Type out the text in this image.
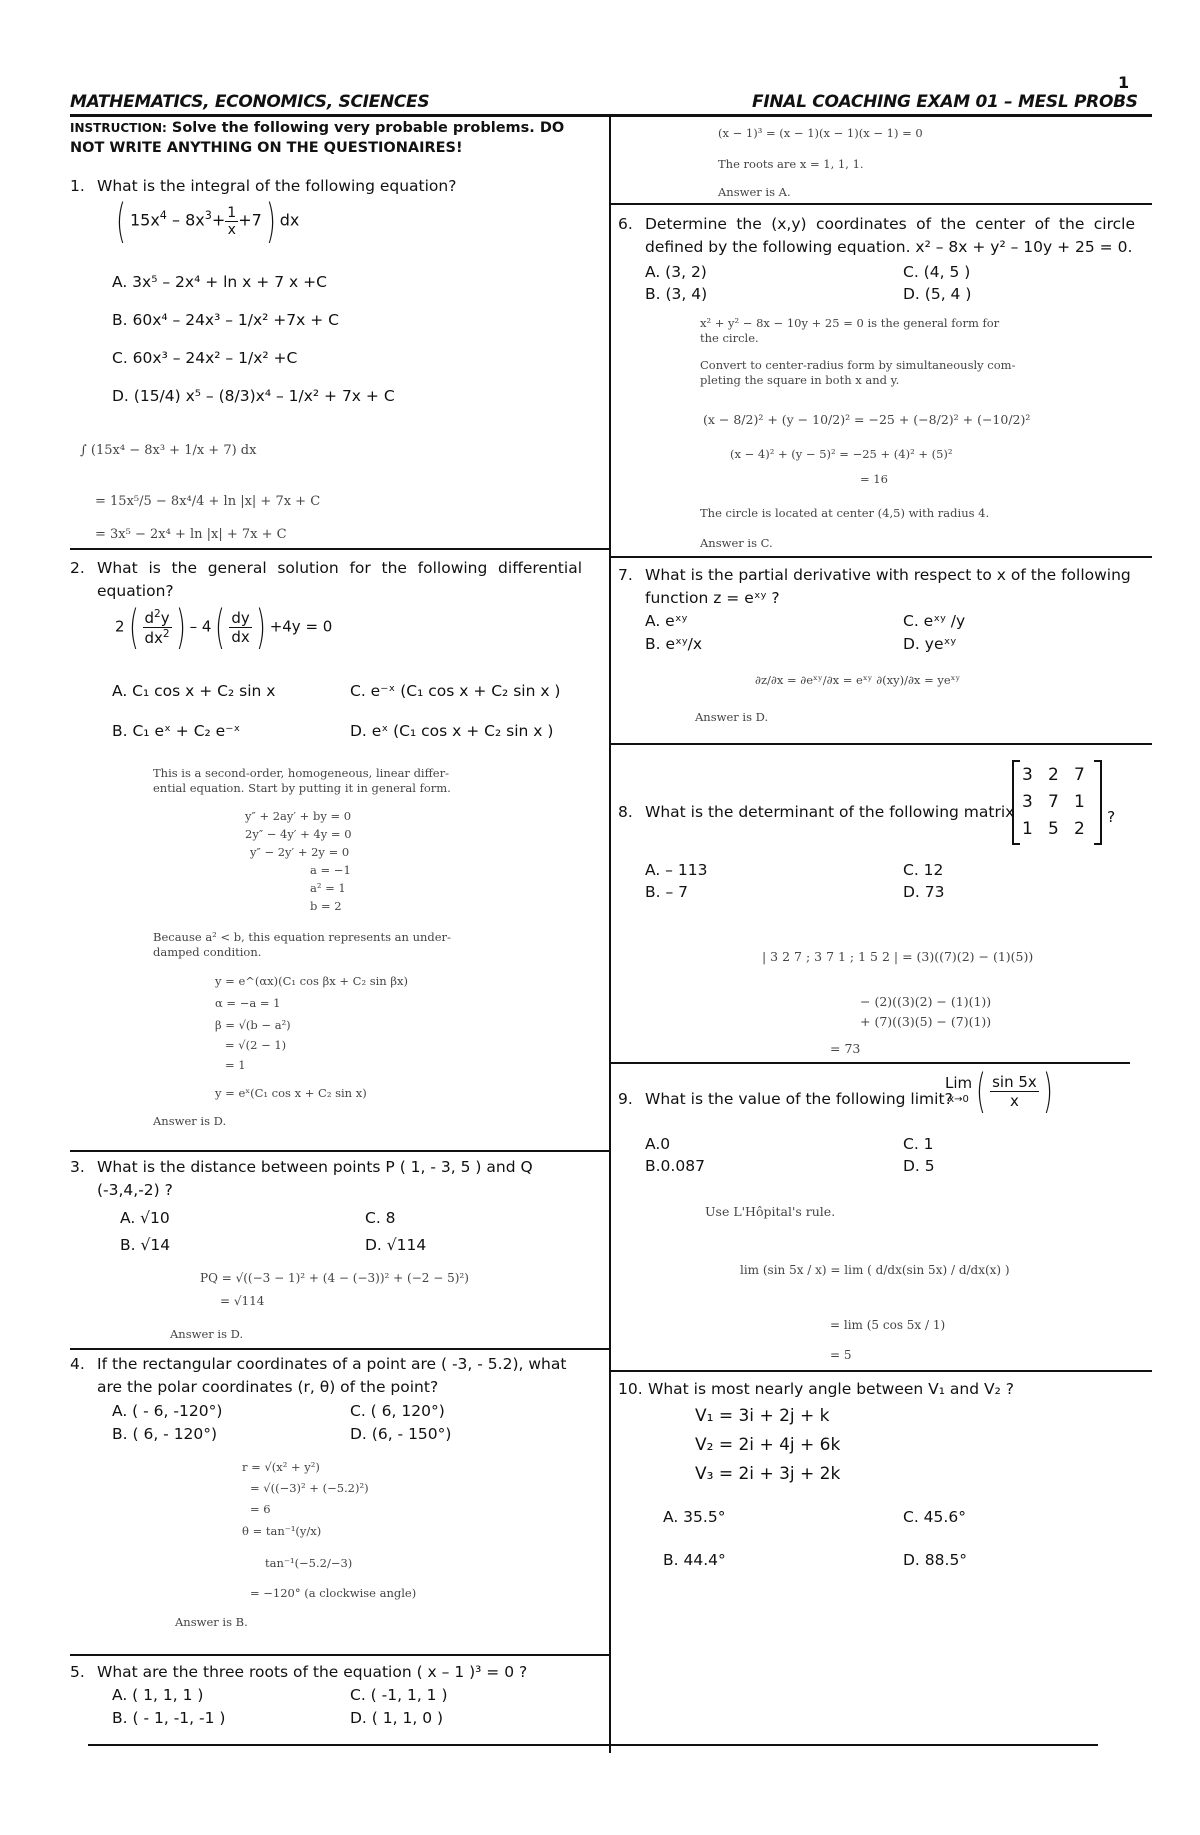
1
MATHEMATICS, ECONOMICS, SCIENCES	FINAL COACHING EXAM 01 – MESL PROBS
INSTRUCTION: Solve the following very probable problems. DO NOT WRITE ANYTHING ON THE QUESTIONAIRES!
1. What is the integral of the following equation?
( $15x^4 - 8x^3+ \frac{1}{x} +7$) dx
A. 3x⁵ – 2x⁴ + ln x + 7 x +C
B. 60x⁴ – 24x³ – 1/x² +7x + C
C. 60x³ – 24x² – 1/x² +C
D. (15/4) x⁵ – (8/3)x⁴ – 1/x² + 7x + C
∫ (15x⁴ − 8x³ + 1/x + 7) dx
= 15x⁵/5 − 8x⁴/4 + ln |x| + 7x + C
= 3x⁵ − 2x⁴ + ln |x| + 7x + C
2. What is the general solution for the following differential equation?
$2( \frac{d^2y}{dx^2}$ ) – $4( \frac{dy}{dx}$ ) +4y = 0
A. C₁ cos x + C₂ sin x	C. e⁻ˣ (C₁ cos x + C₂ sin x )
B. C₁ eˣ + C₂ e⁻ˣ	D. eˣ (C₁ cos x + C₂ sin x )
This is a second-order, homogeneous, linear differ-
ential equation. Start by putting it in general form.
y″ + 2ay′ + by = 0
2y″ − 4y′ + 4y = 0
y″ − 2y′ + 2y = 0
a = −1
a² = 1
b = 2
Because a² < b, this equation represents an under-
damped condition.
y = e^(αx)(C₁ cos βx + C₂ sin βx)
α = −a = 1
β = √(b − a²)
= √(2 − 1)
= 1
y = eˣ(C₁ cos x + C₂ sin x)
Answer is D.
3. What is the distance between points P ( 1, - 3, 5 ) and Q (-3,4,-2) ?
A. √10	C. 8
B. √14	D. √114
PQ = √((−3 − 1)² + (4 − (−3))² + (−2 − 5)²)
= √114
Answer is D.
4. If the rectangular coordinates of a point are ( -3, - 5.2), what are the polar coordinates (r, θ) of the point?
A. ( - 6, -120°)	C. ( 6, 120°)
B. ( 6, - 120°)	D. (6, - 150°)
r = √(x² + y²)
= √((−3)² + (−5.2)²)
= 6
θ = tan⁻¹(y/x)
tan⁻¹(−5.2/−3)
= −120° (a clockwise angle)
Answer is B.
5. What are the three roots of the equation ( x – 1 )³ = 0 ?
A. ( 1, 1, 1 )	C. ( -1, 1, 1 )
B. ( - 1, -1, -1 )	D. ( 1, 1, 0 )
(x − 1)³ = (x − 1)(x − 1)(x − 1) = 0
The roots are x = 1, 1, 1.
Answer is A.
6. Determine the (x,y) coordinates of the center of the circle defined by the following equation. x² – 8x + y² – 10y + 25 = 0.
A. (3, 2)	C. (4, 5 )
B. (3, 4)	D. (5, 4 )
x² + y² − 8x − 10y + 25 = 0 is the general form for
the circle.
Convert to center-radius form by simultaneously com-
pleting the square in both x and y.
(x − 8/2)² + (y − 10/2)² = −25 + (−8/2)² + (−10/2)²
(x − 4)² + (y − 5)² = −25 + (4)² + (5)²
= 16
The circle is located at center (4,5) with radius 4.
Answer is C.
7. What is the partial derivative with respect to x of the following function z = eˣʸ ?
A. eˣʸ	C. eˣʸ /y
B. eˣʸ/x	D. yeˣʸ
∂z/∂x = ∂eˣʸ/∂x = eˣʸ ∂(xy)/∂x = yeˣʸ
Answer is D.
8. What is the determinant of the following matrix
3 2 7
3 7 1
1 5 2
?
A. – 113	C. 12
B. – 7	D. 73
| 3 2 7 ; 3 7 1 ; 1 5 2 | = (3)((7)(2) − (1)(5))
− (2)((3)(2) − (1)(1))
+ (7)((3)(5) − (7)(1))
= 73
9. What is the value of the following limit?
Lim
x→0 ( $\frac{\sin 5x}{x}$ )
A.0	C. 1
B.0.087	D. 5
Use L'Hôpital's rule.
lim (sin 5x / x) = lim ( d/dx(sin 5x) / d/dx(x) )
= lim (5 cos 5x / 1)
= 5
10. What is most nearly angle between V₁ and V₂ ?
V₁ = 3i + 2j + k
V₂ = 2i + 4j + 6k
V₃ = 2i + 3j + 2k
A. 35.5°	C. 45.6°
B. 44.4°	D. 88.5°
